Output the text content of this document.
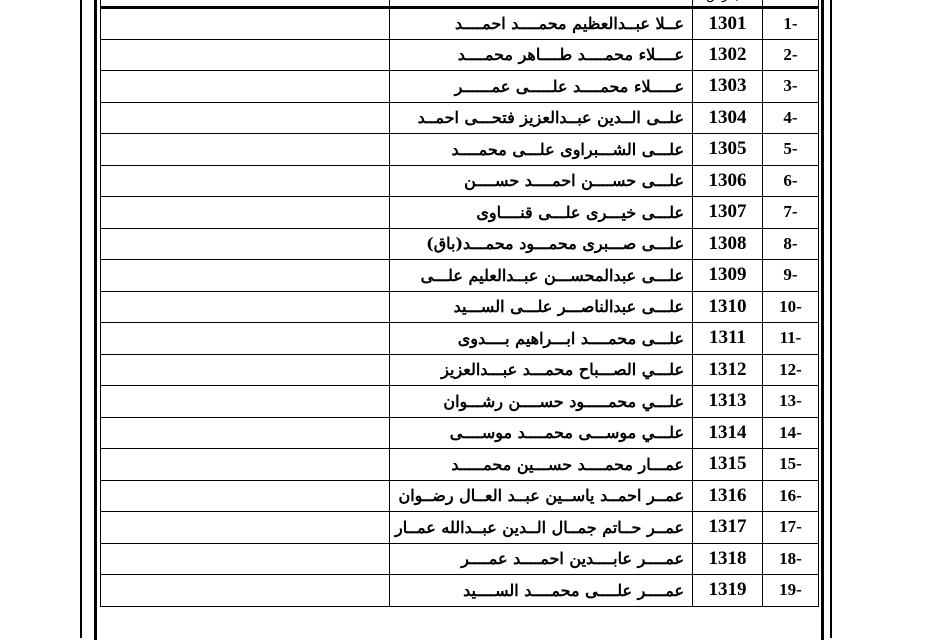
	عــلا عبــدالعظيم محمــــد احمــــد	1301	1-
	عــــلاء محمــــد طــــاهر محمــــد	1302	2-
	عـــــلاء محمــــد علـــــى عمــــــر	1303	3-
	علــى الــدين عبــدالعزيز فتحـــى احمــد	1304	4-
	علـــى الشـــبراوى علـــى محمــــد	1305	5-
	علـــى حســــن احمــــد حســــن	1306	6-
	علـــى خيـــرى علـــى قنــــاوى	1307	7-
	علـــى صـــبرى محمـــود محمـــد(باق)	1308	8-
	علـــى عبدالمحســـن عبــدالعليم علـــى	1309	9-
	علـــى عبدالناصـــر علـــى الســـيد	1310	10-
	علـــى محمــــد ابـــراهيم بــــدوى	1311	11-
	علـــي الصـــباح محمـــد عبـــدالعزيز	1312	12-
	علـــي محمـــــود حســــن رشـــوان	1313	13-
	علـــي موســـى محمــــد موســــى	1314	14-
	عمـــار محمــــد حســـين محمـــــد	1315	15-
	عمــر احمــد ياســين عبــد العــال رضــوان	1316	16-
	عمــر حــاتم جمــال الــدين عبــدالله عمــار	1317	17-
	عمــــر عابــــدين احمــــد عمــــر	1318	18-
	عمــــر علــــى محمــــد الســــيد	1319	19-
